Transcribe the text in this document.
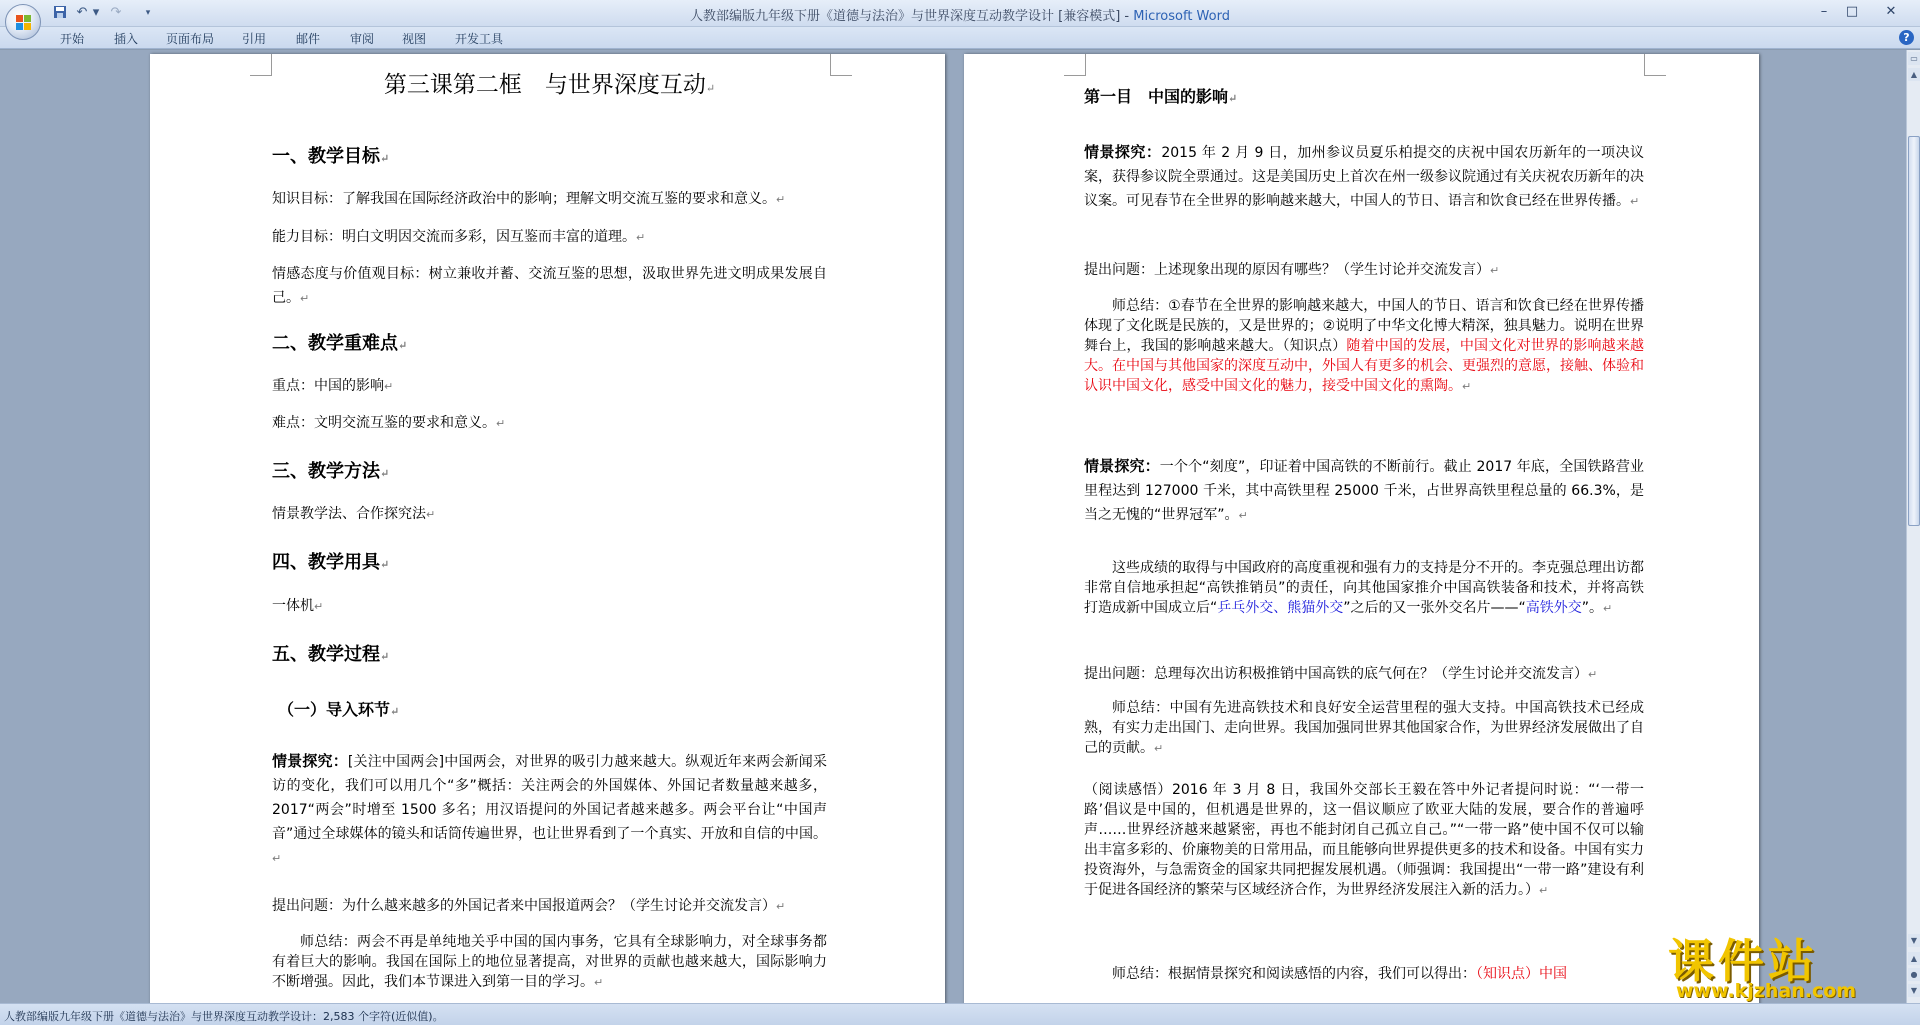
↶ ▾ ↷	▾	人教部编版九年级下册《道德与法治》与世界深度互动教学设计 [兼容模式] - Microsoft Word	–	□	✕
开始 插入 页面布局 引用 邮件 审阅 视图 开发工具	?
第三课第二框　与世界深度互动↵
一、教学目标↵
知识目标：了解我国在国际经济政治中的影响；理解文明交流互鉴的要求和意义。↵
能力目标：明白文明因交流而多彩，因互鉴而丰富的道理。↵
情感态度与价值观目标：树立兼收并蓄、交流互鉴的思想，汲取世界先进文明成果发展自己。↵
二、教学重难点↵
重点：中国的影响↵
难点：文明交流互鉴的要求和意义。↵
三、教学方法↵
情景教学法、合作探究法↵
四、教学用具↵
一体机↵
五、教学过程↵
（一）导入环节↵
情景探究：[关注中国两会]中国两会，对世界的吸引力越来越大。纵观近年来两会新闻采访的变化，我们可以用几个“多”概括：关注两会的外国媒体、外国记者数量越来越多，2017“两会”时增至 1500 多名；用汉语提问的外国记者越来越多。两会平台让“中国声音”通过全球媒体的镜头和话筒传遍世界，也让世界看到了一个真实、开放和自信的中国。↵
提出问题：为什么越来越多的外国记者来中国报道两会？（学生讨论并交流发言）↵
师总结：两会不再是单纯地关乎中国的国内事务，它具有全球影响力，对全球事务都有着巨大的影响。我国在国际上的地位显著提高，对世界的贡献也越来越大，国际影响力不断增强。因此，我们本节课进入到第一目的学习。↵
第一目　中国的影响↵
情景探究：2015 年 2 月 9 日，加州参议员夏乐柏提交的庆祝中国农历新年的一项决议案，获得参议院全票通过。这是美国历史上首次在州一级参议院通过有关庆祝农历新年的决议案。可见春节在全世界的影响越来越大，中国人的节日、语言和饮食已经在世界传播。↵
提出问题：上述现象出现的原因有哪些？（学生讨论并交流发言）↵
师总结：①春节在全世界的影响越来越大，中国人的节日、语言和饮食已经在世界传播体现了文化既是民族的，又是世界的；②说明了中华文化博大精深，独具魅力。说明在世界舞台上，我国的影响越来越大。（知识点）随着中国的发展，中国文化对世界的影响越来越大。在中国与其他国家的深度互动中，外国人有更多的机会、更强烈的意愿，接触、体验和认识中国文化，感受中国文化的魅力，接受中国文化的熏陶。↵
情景探究：一个个“刻度”，印证着中国高铁的不断前行。截止 2017 年底，全国铁路营业里程达到 127000 千米，其中高铁里程 25000 千米，占世界高铁里程总量的 66.3%，是当之无愧的“世界冠军”。↵
这些成绩的取得与中国政府的高度重视和强有力的支持是分不开的。李克强总理出访都非常自信地承担起“高铁推销员”的责任，向其他国家推介中国高铁装备和技术，并将高铁打造成新中国成立后“乒乓外交、熊猫外交”之后的又一张外交名片——“高铁外交”。↵
提出问题：总理每次出访积极推销中国高铁的底气何在？（学生讨论并交流发言）↵
师总结：中国有先进高铁技术和良好安全运营里程的强大支持。中国高铁技术已经成熟，有实力走出国门、走向世界。我国加强同世界其他国家合作，为世界经济发展做出了自己的贡献。↵
（阅读感悟）2016 年 3 月 8 日，我国外交部长王毅在答中外记者提问时说：“‘一带一路’倡议是中国的，但机遇是世界的，这一倡议顺应了欧亚大陆的发展，要合作的普遍呼声……世界经济越来越紧密，再也不能封闭自己孤立自己。”“一带一路”使中国不仅可以输出丰富多彩的、价廉物美的日常用品，而且能够向世界提供更多的技术和设备。中国有实力投资海外，与急需资金的国家共同把握发展机遇。（师强调：我国提出“一带一路”建设有利于促进各国经济的繁荣与区域经济合作，为世界经济发展注入新的活力。）↵
师总结：根据情景探究和阅读感悟的内容，我们可以得出：（知识点）中国
▭
▲
▼
▲
●
▼
人教部编版九年级下册《道德与法治》与世界深度互动教学设计：2,583 个字符(近似值)。
课件站
www.kjzhan.com
